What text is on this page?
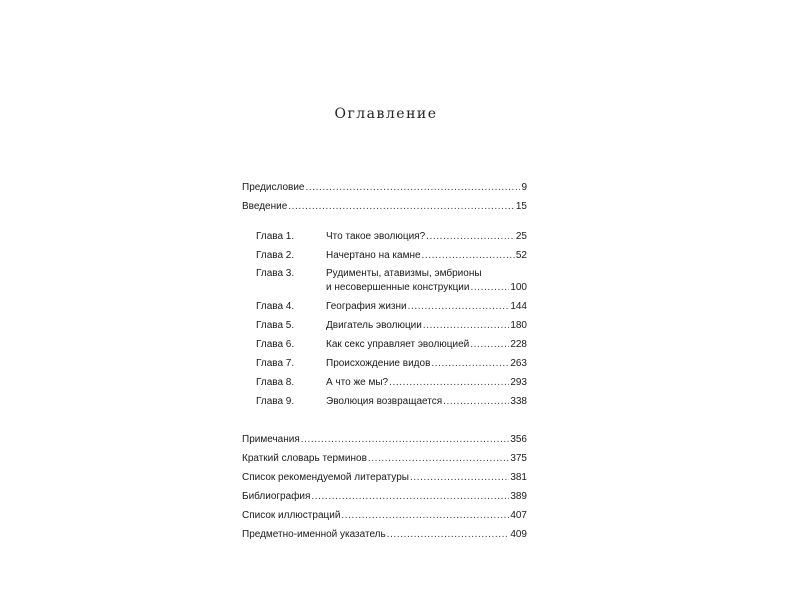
Оглавление
Предисловие .....	9
Введение .....	15
Глава 1.	Что такое эволюция? .....	25
Глава 2.	Начертано на камне .....	52
Глава 3.	Рудименты, атавизмы, эмбрионы
и несовершенные конструкции .....	100
Глава 4.	География жизни .....	144
Глава 5.	Двигатель эволюции .....	180
Глава 6.	Как секс управляет эволюцией .....	228
Глава 7.	Происхождение видов .....	263
Глава 8.	А что же мы? .....	293
Глава 9.	Эволюция возвращается .....	338
Примечания .....	356
Краткий словарь терминов .....	375
Список рекомендуемой литературы .....	381
Библиография .....	389
Список иллюстраций .....	407
Предметно-именной указатель .....	409
